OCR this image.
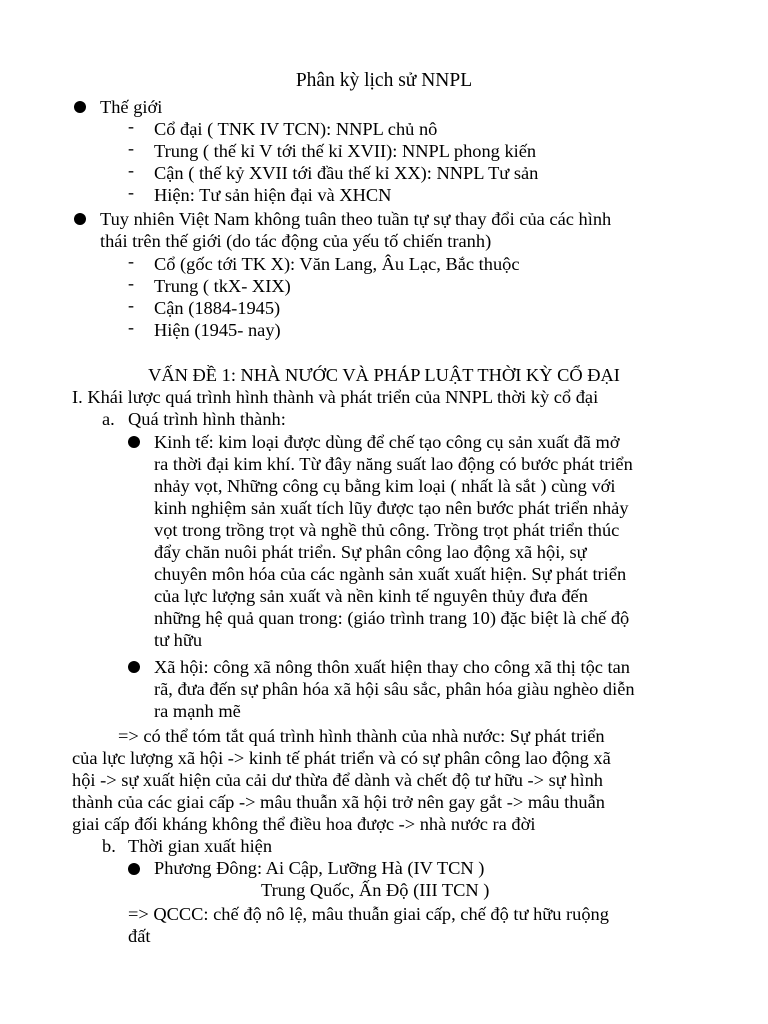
Phân kỳ lịch sử NNPL
Thế giới
- Cổ đại ( TNK IV TCN): NNPL chủ nô
- Trung ( thế kỉ V tới thế kỉ XVII): NNPL phong kiến
- Cận ( thế kỷ XVII tới đầu thế kỉ XX): NNPL Tư sản
- Hiện: Tư sản hiện đại và XHCN
Tuy nhiên Việt Nam không tuân theo tuần tự sự thay đổi của các hình
thái trên thế giới (do tác động của yếu tố chiến tranh)
- Cổ (gốc tới TK X): Văn Lang, Âu Lạc, Bắc thuộc
- Trung ( tkX- XIX)
- Cận (1884-1945)
- Hiện (1945- nay)
VẤN ĐỀ 1: NHÀ NƯỚC VÀ PHÁP LUẬT THỜI KỲ CỔ ĐẠI
I. Khái lược quá trình hình thành và phát triển của NNPL thời kỳ cổ đại
a. Quá trình hình thành:
Kinh tế: kim loại được dùng để chế tạo công cụ sản xuất đã mở
ra thời đại kim khí. Từ đây năng suất lao động có bước phát triển
nhảy vọt, Những công cụ bằng kim loại ( nhất là sắt ) cùng với
kinh nghiệm sản xuất tích lũy được tạo nên bước phát triển nhảy
vọt trong trồng trọt và nghề thủ công. Trồng trọt phát triển thúc
đẩy chăn nuôi phát triển. Sự phân công lao động xã hội, sự
chuyên môn hóa của các ngành sản xuất xuất hiện. Sự phát triển
của lực lượng sản xuất và nền kinh tế nguyên thủy đưa đến
những hệ quả quan trong: (giáo trình trang 10) đặc biệt là chế độ
tư hữu
Xã hội: công xã nông thôn xuất hiện thay cho công xã thị tộc tan
rã, đưa đến sự phân hóa xã hội sâu sắc, phân hóa giàu nghèo diễn
ra mạnh mẽ
=> có thể tóm tắt quá trình hình thành của nhà nước: Sự phát triển
của lực lượng xã hội -> kinh tế phát triển và có sự phân công lao động xã
hội -> sự xuất hiện của cải dư thừa để dành và chết độ tư hữu -> sự hình
thành của các giai cấp -> mâu thuẫn xã hội trở nên gay gắt -> mâu thuẫn
giai cấp đối kháng không thể điều hoa được -> nhà nước ra đời
b. Thời gian xuất hiện
Phương Đông: Ai Cập, Lưỡng Hà (IV TCN )
Trung Quốc, Ấn Độ (III TCN )
=> QCCC: chế độ nô lệ, mâu thuẫn giai cấp, chế độ tư hữu ruộng
đất
